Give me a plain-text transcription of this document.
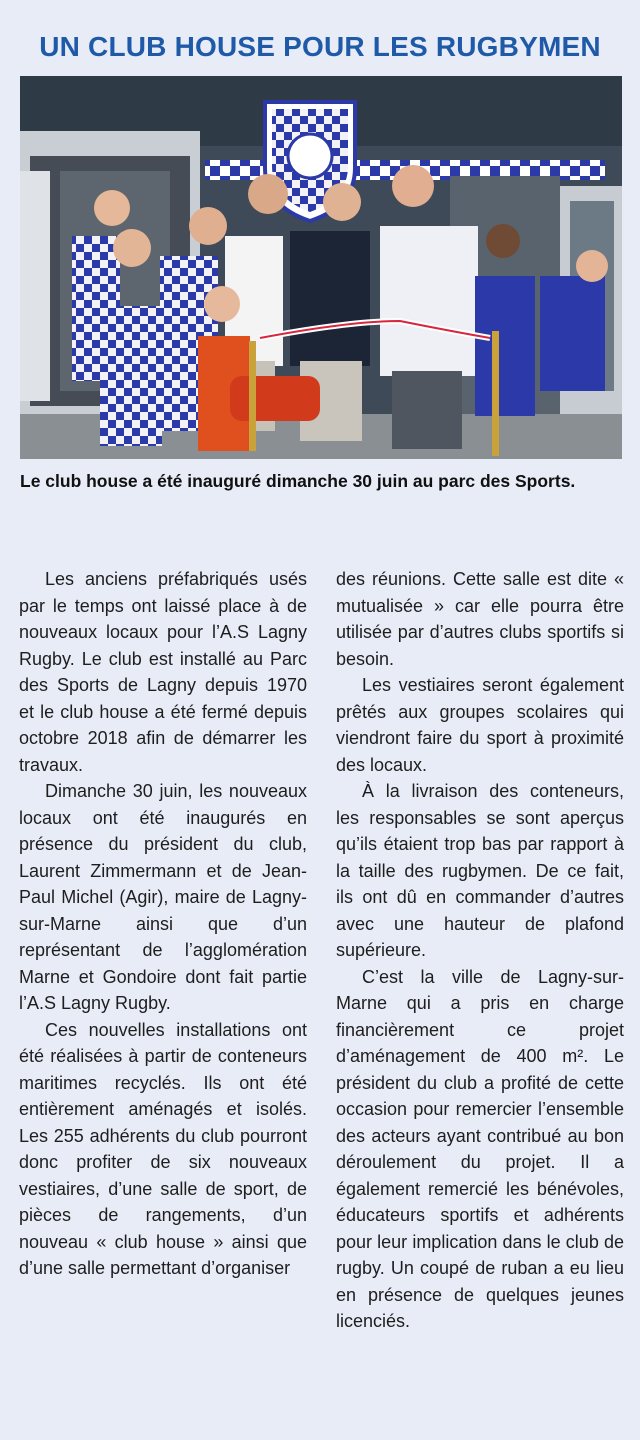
UN CLUB HOUSE POUR LES RUGBYMEN
Le club house a été inauguré dimanche 30 juin au parc des Sports.

Les anciens préfabriqués usés par le temps ont laissé place à de nouveaux locaux pour l’A.S Lagny Rugby. Le club est installé au Parc des Sports de Lagny depuis 1970 et le club house a été fermé depuis octobre 2018 afin de démarrer les travaux.

Dimanche 30 juin, les nouveaux locaux ont été inaugurés en présence du président du club, Laurent Zimmermann et de Jean-Paul Michel (Agir), maire de Lagny-sur-Marne ainsi que d’un représentant de l’agglomération Marne et Gondoire dont fait partie l’A.S Lagny Rugby.

Ces nouvelles installations ont été réalisées à partir de conteneurs maritimes recyclés. Ils ont été entièrement aménagés et isolés. Les 255 adhérents du club pourront donc profiter de six nouveaux vestiaires, d’une salle de sport, de pièces de rangements, d’un nouveau « club house » ainsi que d’une salle permettant d’organiser

des réunions. Cette salle est dite « mutualisée » car elle pourra être utilisée par d’autres clubs sportifs si besoin.

Les vestiaires seront également prêtés aux groupes scolaires qui viendront faire du sport à proximité des locaux.

À la livraison des conteneurs, les responsables se sont aperçus qu’ils étaient trop bas par rapport à la taille des rugbymen. De ce fait, ils ont dû en commander d’autres avec une hauteur de plafond supérieure.

C’est la ville de Lagny-sur-Marne qui a pris en charge financièrement ce projet d’aménagement de 400 m². Le président du club a profité de cette occasion pour remercier l’ensemble des acteurs ayant contribué au bon déroulement du projet. Il a également remercié les bénévoles, éducateurs sportifs et adhérents pour leur implication dans le club de rugby. Un coupé de ruban a eu lieu en présence de quelques jeunes licenciés.
